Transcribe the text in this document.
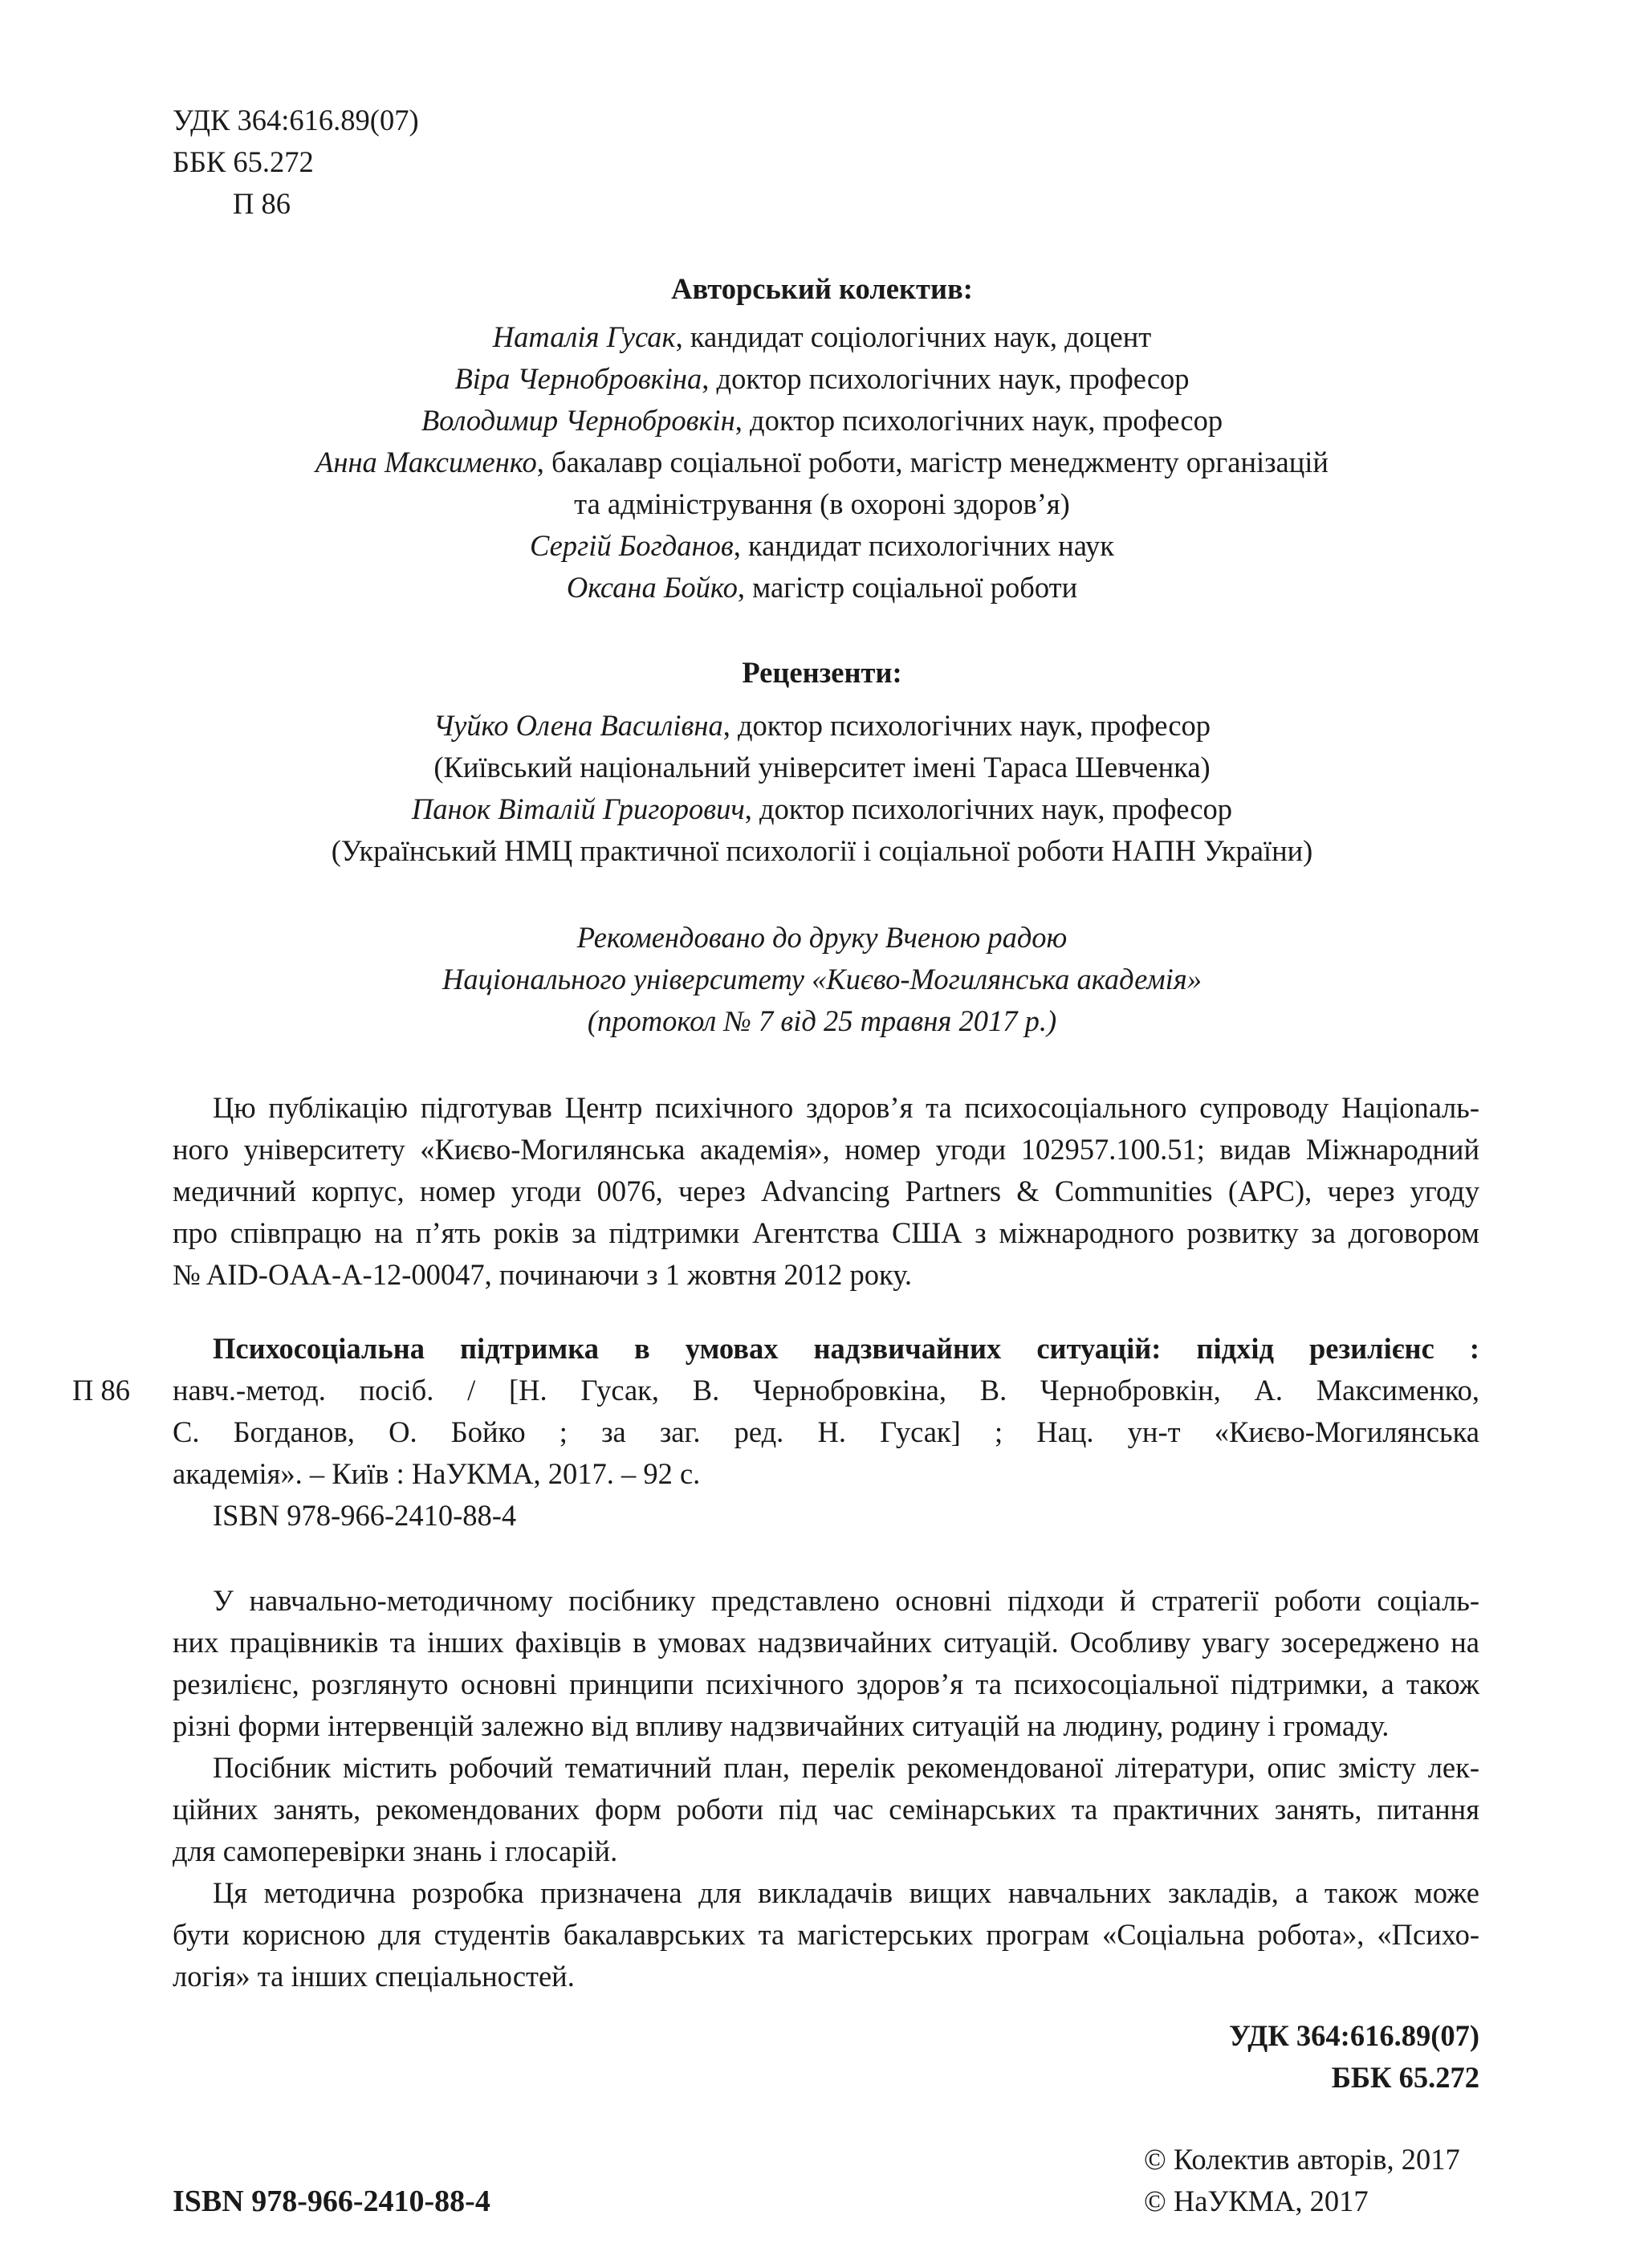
УДК 364:616.89(07)
ББК 65.272
П 86
Авторський колектив:
Наталія Гусак, кандидат соціологічних наук, доцент
Віра Чернобровкіна, доктор психологічних наук, професор
Володимир Чернобровкін, доктор психологічних наук, професор
Анна Максименко, бакалавр соціальної роботи, магістр менеджменту організацій
та адміністрування (в охороні здоров’я)
Сергій Богданов, кандидат психологічних наук
Оксана Бойко, магістр соціальної роботи
Рецензенти:
Чуйко Олена Василівна, доктор психологічних наук, професор
(Київський національний університет імені Тараса Шевченка)
Панок Віталій Григорович, доктор психологічних наук, професор
(Український НМЦ практичної психології і соціальної роботи НАПН України)
Рекомендовано до друку Вченою радою
Національного університету «Києво-Могилянська академія»
(протокол № 7 від 25 травня 2017 р.)
Цю публікацію підготував Центр психічного здоров’я та психосоціального супроводу Націonaль-
ного університету «Києво-Могилянська академія», номер угоди 102957.100.51; видав Міжнародний
медичний корпус, номер угоди 0076, через Advancing Partners & Communities (APC), через угоду
про співпрацю на п’ять років за підтримки Агентства США з міжнародного розвитку за договором
№ AID-OAA-A-12-00047, починаючи з 1 жовтня 2012 року.
Психосоціальна підтримка в умовах надзвичайних ситуацій: підхід резилієнс :
П 86 навч.-метод. посіб. / [Н. Гусак, В. Чернобровкіна, В. Чернобровкін, А. Максименко,
С. Богданов, О. Бойко ; за заг. ред. Н. Гусак] ; Нац. ун-т «Києво-Могилянська
академія». – Київ : НаУКМА, 2017. – 92 с.
ISBN 978-966-2410-88-4
У навчально-методичному посібнику представлено основні підходи й стратегії роботи соціаль-
них працівників та інших фахівців в умовах надзвичайних ситуацій. Особливу увагу зосереджено на
резилієнс, розглянуто основні принципи психічного здоров’я та психосоціальної підтримки, а також
різні форми інтервенцій залежно від впливу надзвичайних ситуацій на людину, родину і громаду.
Посібник містить робочий тематичний план, перелік рекомендованої літератури, опис змісту лек-
ційних занять, рекомендованих форм роботи під час семінарських та практичних занять, питання
для самоперевірки знань і глосарій.
Ця методична розробка призначена для викладачів вищих навчальних закладів, а також може
бути корисною для студентів бакалаврських та магістерських програм «Соціальна робота», «Психо-
логія» та інших спеціальностей.
УДК 364:616.89(07)
ББК 65.272
© Колектив авторів, 2017
© НаУКМА, 2017
ISBN 978-966-2410-88-4
